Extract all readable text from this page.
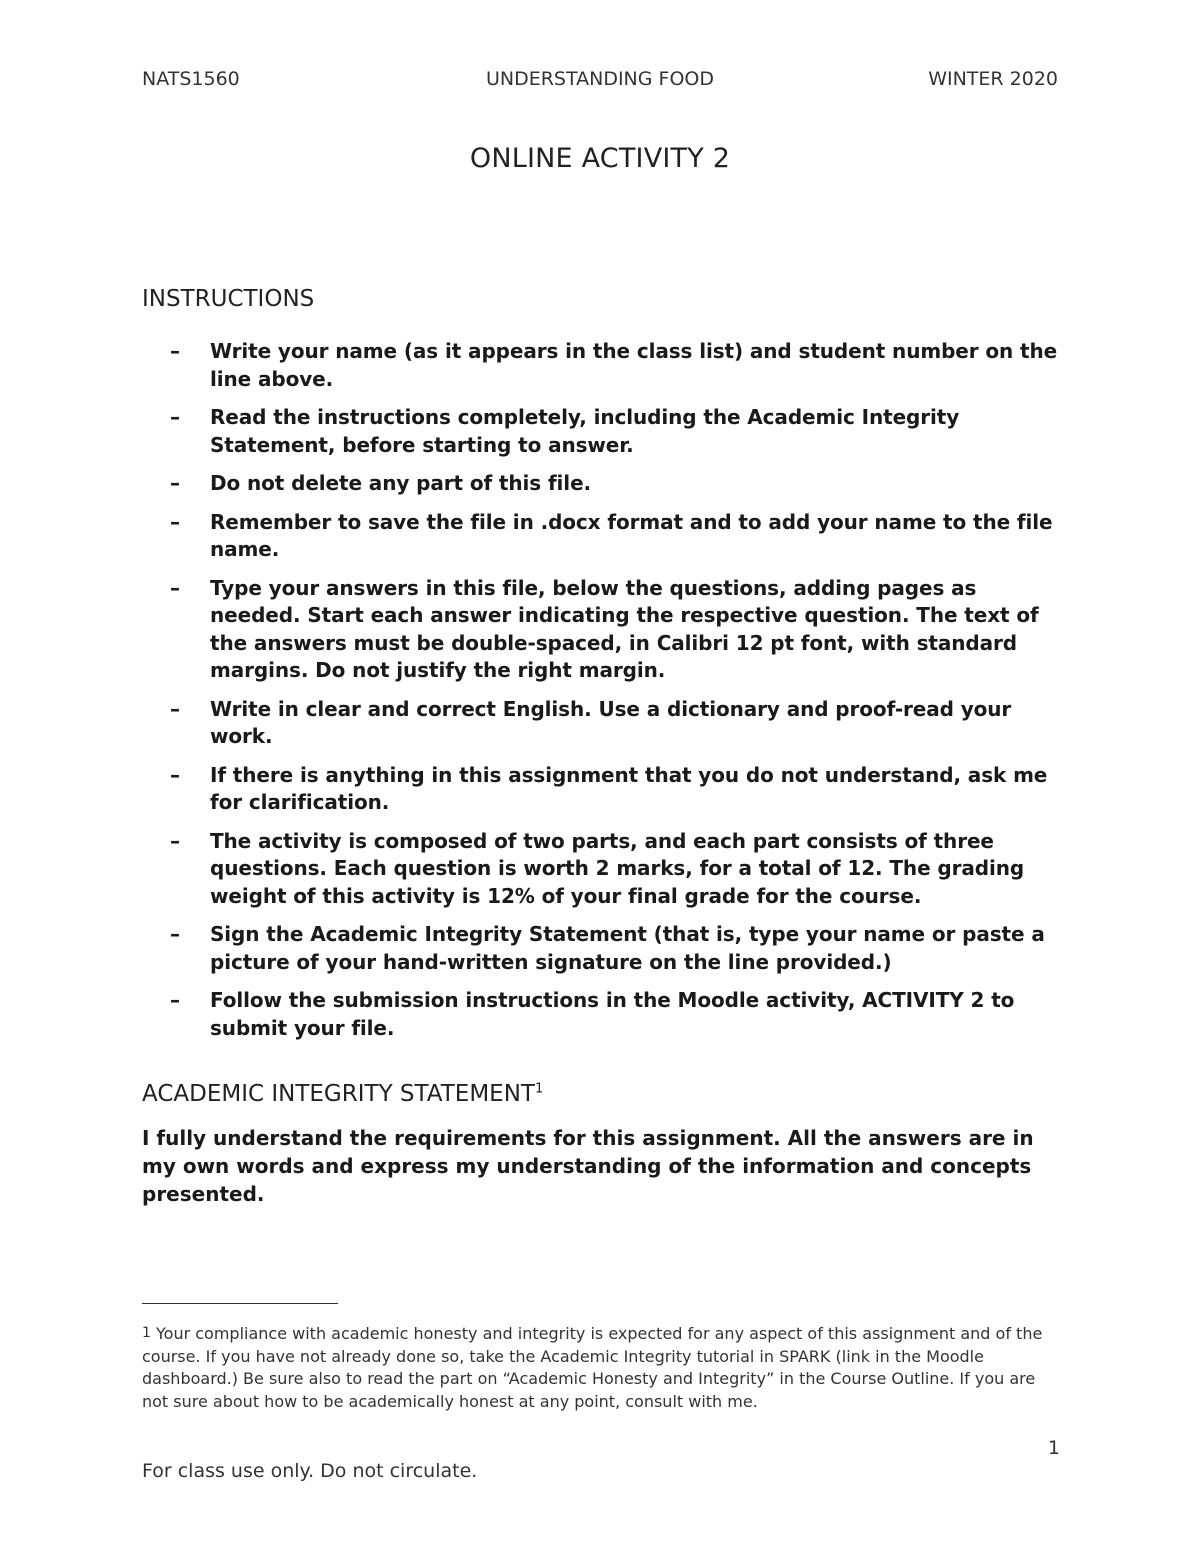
NATS1560	UNDERSTANDING FOOD	WINTER 2020
ONLINE ACTIVITY 2
INSTRUCTIONS
– Write your name (as it appears in the class list) and student number on the line above.
– Read the instructions completely, including the Academic Integrity Statement, before starting to answer.
– Do not delete any part of this file.
– Remember to save the file in .docx format and to add your name to the file name.
– Type your answers in this file, below the questions, adding pages as needed. Start each answer indicating the respective question. The text of the answers must be double-spaced, in Calibri 12 pt font, with standard margins. Do not justify the right margin.
– Write in clear and correct English. Use a dictionary and proof-read your work.
– If there is anything in this assignment that you do not understand, ask me for clarification.
– The activity is composed of two parts, and each part consists of three questions. Each question is worth 2 marks, for a total of 12. The grading weight of this activity is 12% of your final grade for the course.
– Sign the Academic Integrity Statement (that is, type your name or paste a picture of your hand-written signature on the line provided.)
– Follow the submission instructions in the Moodle activity, ACTIVITY 2 to submit your file.
ACADEMIC INTEGRITY STATEMENT$^1$

I fully understand the requirements for this assignment. All the answers are in my own words and express my understanding of the information and concepts presented.

$^1$ Your compliance with academic honesty and integrity is expected for any aspect of this assignment and of the course. If you have not already done so, take the Academic Integrity tutorial in SPARK (link in the Moodle dashboard.) Be sure also to read the part on “Academic Honesty and Integrity” in the Course Outline. If you are not sure about how to be academically honest at any point, consult with me.

1
For class use only. Do not circulate.
